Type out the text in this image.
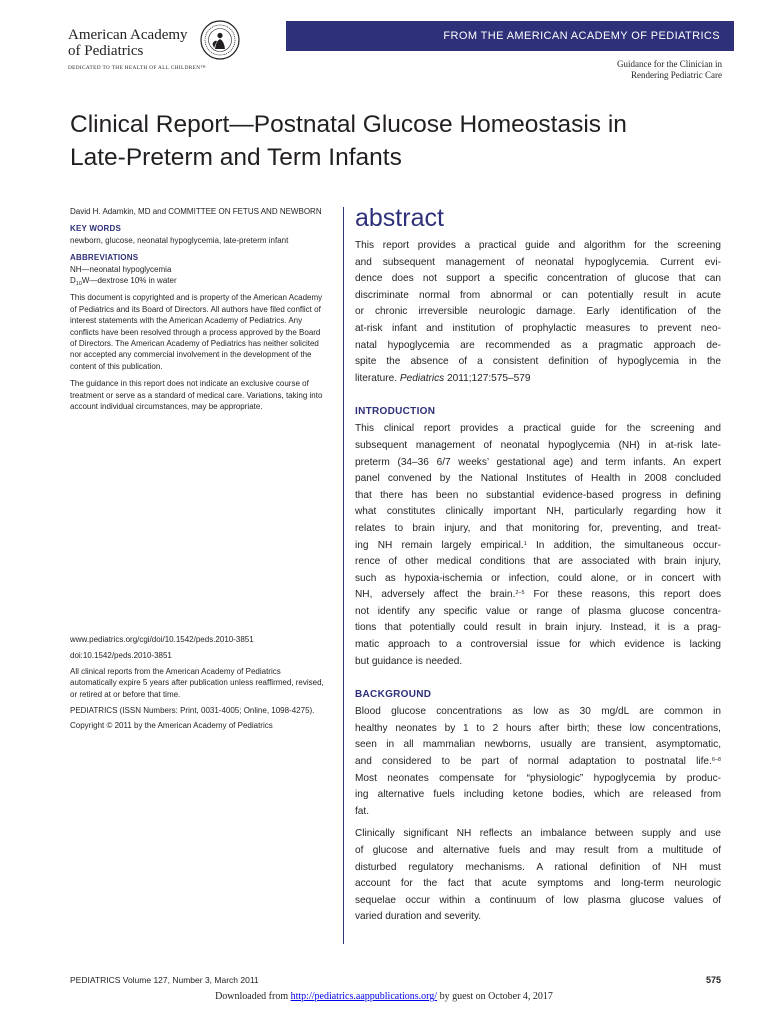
American Academy
of Pediatrics
DEDICATED TO THE HEALTH OF ALL CHILDREN™
FROM THE AMERICAN ACADEMY OF PEDIATRICS
Guidance for the Clinician in
Rendering Pediatric Care
Clinical Report—Postnatal Glucose Homeostasis in
Late-Preterm and Term Infants

David H. Adamkin, MD and COMMITTEE ON FETUS AND NEWBORN

KEY WORDS

newborn, glucose, neonatal hypoglycemia, late-preterm infant

ABBREVIATIONS

NH—neonatal hypoglycemia

$D_{10}W—dextrose$ 10% in water

This document is copyrighted and is property of the American Academy of Pediatrics and its Board of Directors. All authors have filed conflict of interest statements with the American Academy of Pediatrics. Any conflicts have been resolved through a process approved by the Board of Directors. The American Academy of Pediatrics has neither solicited nor accepted any commercial involvement in the development of the content of this publication.

The guidance in this report does not indicate an exclusive course of treatment or serve as a standard of medical care. Variations, taking into account individual circumstances, may be appropriate.

www.pediatrics.org/cgi/doi/10.1542/peds.2010-3851

doi:10.1542/peds.2010-3851

All clinical reports from the American Academy of Pediatrics automatically expire 5 years after publication unless reaffirmed, revised, or retired at or before that time.

PEDIATRICS (ISSN Numbers: Print, 0031-4005; Online, 1098-4275).

Copyright © 2011 by the American Academy of Pediatrics

abstract

This report provides a practical guide and algorithm for the screening
and subsequent management of neonatal hypoglycemia. Current evi-
dence does not support a specific concentration of glucose that can
discriminate normal from abnormal or can potentially result in acute
or chronic irreversible neurologic damage. Early identification of the
at-risk infant and institution of prophylactic measures to prevent neo-
natal hypoglycemia are recommended as a pragmatic approach de-
spite the absence of a consistent definition of hypoglycemia in the
literature. Pediatrics 2011;127:575–579

INTRODUCTION

This clinical report provides a practical guide for the screening and
subsequent management of neonatal hypoglycemia (NH) in at-risk late-
preterm (34–36 6/7 weeks’ gestational age) and term infants. An expert
panel convened by the National Institutes of Health in 2008 concluded
that there has been no substantial evidence-based progress in defining
what constitutes clinically important NH, particularly regarding how it
relates to brain injury, and that monitoring for, preventing, and treat-
ing NH remain largely empirical.$^1$ In addition, the simultaneous occur-
rence of other medical conditions that are associated with brain injury,
such as hypoxia-ischemia or infection, could alone, or in concert with
NH, adversely affect the brain.$^{2-5}$ For these reasons, this report does
not identify any specific value or range of plasma glucose concentra-
tions that potentially could result in brain injury. Instead, it is a prag-
matic approach to a controversial issue for which evidence is lacking
but guidance is needed.

BACKGROUND

Blood glucose concentrations as low as 30 mg/dL are common in
healthy neonates by 1 to 2 hours after birth; these low concentrations,
seen in all mammalian newborns, usually are transient, asymptomatic,
and considered to be part of normal adaptation to postnatal life.$^{6-8}$
Most neonates compensate for “physiologic” hypoglycemia by produc-
ing alternative fuels including ketone bodies, which are released from
fat.

Clinically significant NH reflects an imbalance between supply and use
of glucose and alternative fuels and may result from a multitude of
disturbed regulatory mechanisms. A rational definition of NH must
account for the fact that acute symptoms and long-term neurologic
sequelae occur within a continuum of low plasma glucose values of
varied duration and severity.

PEDIATRICS Volume 127, Number 3, March 2011	575
Downloaded from http://pediatrics.aappublications.org/ by guest on October 4, 2017
